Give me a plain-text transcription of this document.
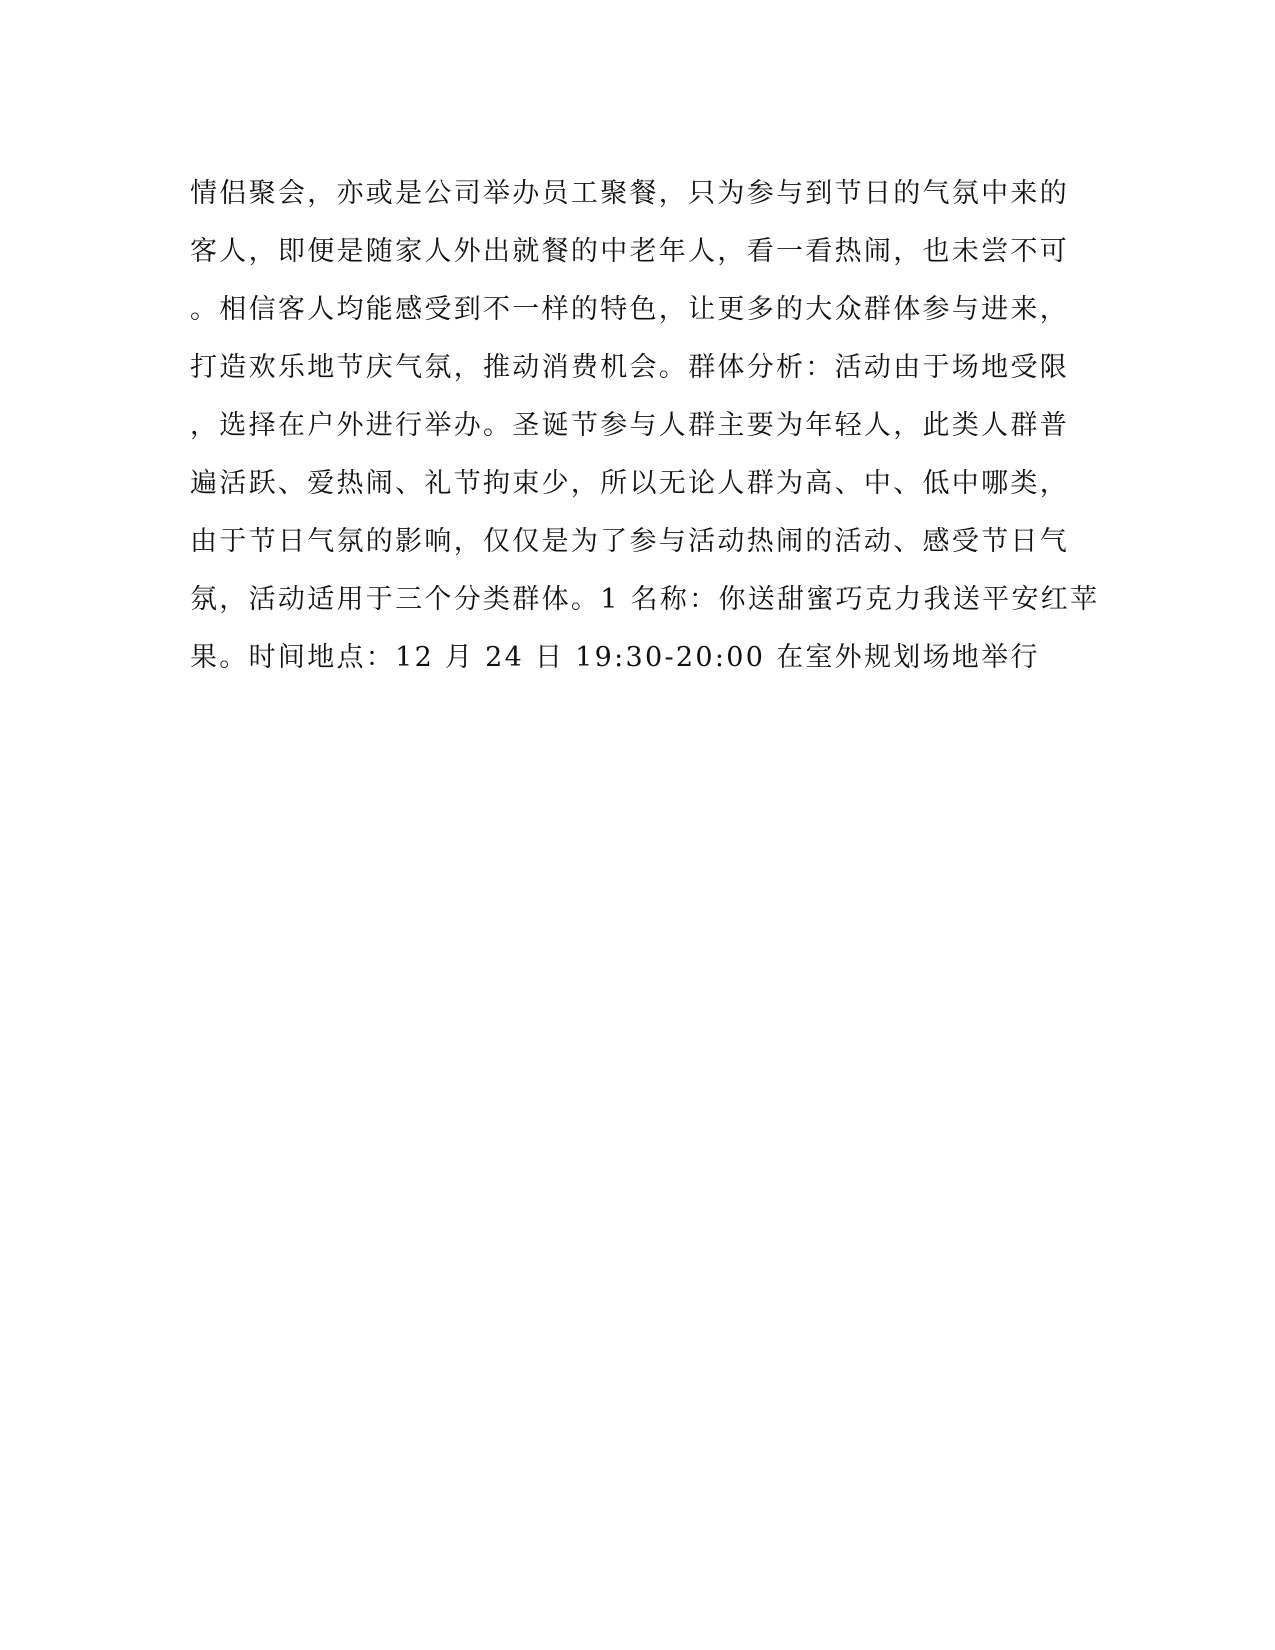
情侣聚会，亦或是公司举办员工聚餐，只为参与到节日的气氛中来的
客人，即便是随家人外出就餐的中老年人，看一看热闹，也未尝不可
。相信客人均能感受到不一样的特色，让更多的大众群体参与进来，
打造欢乐地节庆气氛，推动消费机会。群体分析：活动由于场地受限
，选择在户外进行举办。圣诞节参与人群主要为年轻人，此类人群普
遍活跃、爱热闹、礼节拘束少，所以无论人群为高、中、低中哪类，
由于节日气氛的影响，仅仅是为了参与活动热闹的活动、感受节日气
氛，活动适用于三个分类群体。1 名称：你送甜蜜巧克力我送平安红苹
果。时间地点：12 月 24 日 19:30-20:00 在室外规划场地举行
